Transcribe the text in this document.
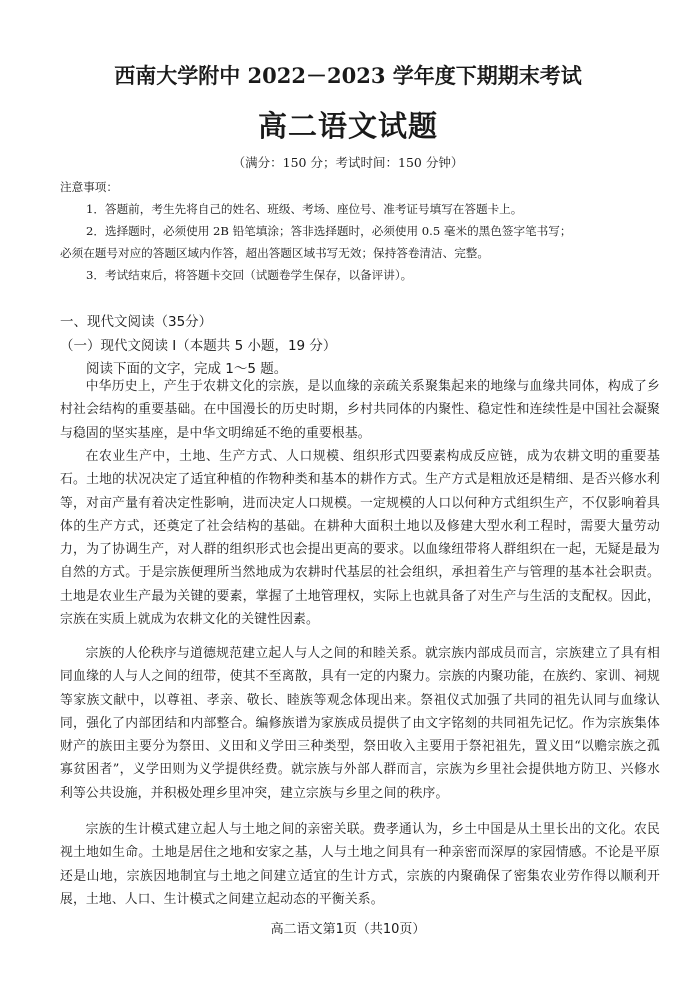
西南大学附中 2022－2023 学年度下期期末考试
高二语文试题
（满分：150 分；考试时间：150 分钟）
注意事项：
1．答题前，考生先将自己的姓名、班级、考场、座位号、准考证号填写在答题卡上。
2．选择题时，必须使用 2B 铅笔填涂；答非选择题时，必须使用 0.5 毫米的黑色签字笔书写；
必须在题号对应的答题区域内作答，超出答题区域书写无效；保持答卷清洁、完整。
3．考试结束后，将答题卡交回（试题卷学生保存，以备评讲）。
一、现代文阅读（35分）
（一）现代文阅读 I（本题共 5 小题，19 分）
阅读下面的文字，完成 1～5 题。
中华历史上，产生于农耕文化的宗族，是以血缘的亲疏关系聚集起来的地缘与血缘共同体，构成了乡村社会结构的重要基础。在中国漫长的历史时期，乡村共同体的内聚性、稳定性和连续性是中国社会凝聚与稳固的坚实基座，是中华文明绵延不绝的重要根基。
在农业生产中，土地、生产方式、人口规模、组织形式四要素构成反应链，成为农耕文明的重要基石。土地的状况决定了适宜种植的作物种类和基本的耕作方式。生产方式是粗放还是精细、是否兴修水利等，对亩产量有着决定性影响，进而决定人口规模。一定规模的人口以何种方式组织生产，不仅影响着具体的生产方式，还奠定了社会结构的基础。在耕种大面积土地以及修建大型水利工程时，需要大量劳动力，为了协调生产，对人群的组织形式也会提出更高的要求。以血缘纽带将人群组织在一起，无疑是最为自然的方式。于是宗族便理所当然地成为农耕时代基层的社会组织，承担着生产与管理的基本社会职责。土地是农业生产最为关键的要素，掌握了土地管理权，实际上也就具备了对生产与生活的支配权。因此，宗族在实质上就成为农耕文化的关键性因素。
宗族的人伦秩序与道德规范建立起人与人之间的和睦关系。就宗族内部成员而言，宗族建立了具有相同血缘的人与人之间的纽带，使其不至离散，具有一定的内聚力。宗族的内聚功能，在族约、家训、祠规等家族文献中，以尊祖、孝亲、敬长、睦族等观念体现出来。祭祖仪式加强了共同的祖先认同与血缘认同，强化了内部团结和内部整合。编修族谱为家族成员提供了由文字铭刻的共同祖先记忆。作为宗族集体财产的族田主要分为祭田、义田和义学田三种类型，祭田收入主要用于祭祀祖先，置义田“以赡宗族之孤寡贫困者”，义学田则为义学提供经费。就宗族与外部人群而言，宗族为乡里社会提供地方防卫、兴修水利等公共设施，并积极处理乡里冲突，建立宗族与乡里之间的秩序。
宗族的生计模式建立起人与土地之间的亲密关联。费孝通认为，乡土中国是从土里长出的文化。农民视土地如生命。土地是居住之地和安家之基，人与土地之间具有一种亲密而深厚的家园情感。不论是平原还是山地，宗族因地制宜与土地之间建立适宜的生计方式，宗族的内聚确保了密集农业劳作得以顺利开展，土地、人口、生计模式之间建立起动态的平衡关系。
高二语文第1页（共10页）
